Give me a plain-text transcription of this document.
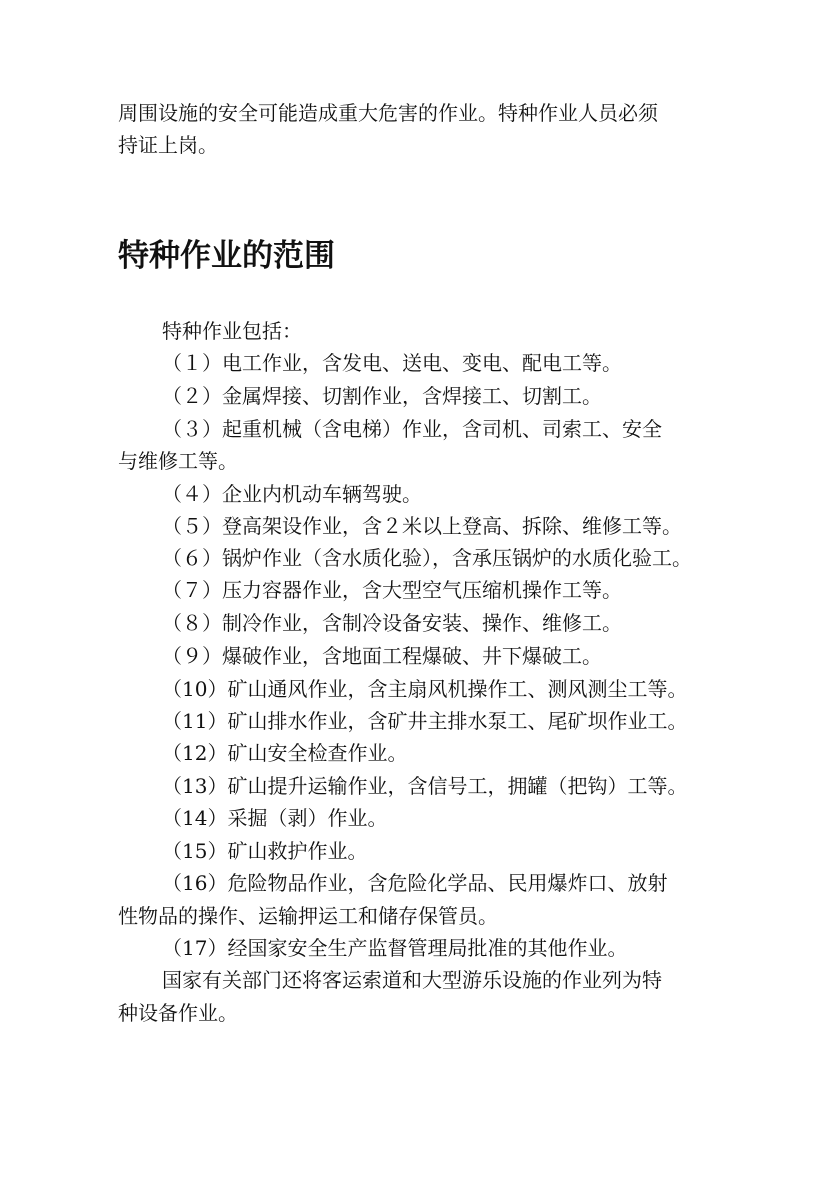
周围设施的安全可能造成重大危害的作业。特种作业人员必须
持证上岗。
特种作业的范围
特种作业包括：
（１）电工作业，含发电、送电、变电、配电工等。
（２）金属焊接、切割作业，含焊接工、切割工。
（３）起重机械（含电梯）作业，含司机、司索工、安全
与维修工等。
（４）企业内机动车辆驾驶。
（５）登高架设作业，含２米以上登高、拆除、维修工等。
（６）锅炉作业（含水质化验），含承压锅炉的水质化验工。
（７）压力容器作业，含大型空气压缩机操作工等。
（８）制冷作业，含制冷设备安装、操作、维修工。
（９）爆破作业，含地面工程爆破、井下爆破工。
（10）矿山通风作业，含主扇风机操作工、测风测尘工等。
（11）矿山排水作业，含矿井主排水泵工、尾矿坝作业工。
（12）矿山安全检查作业。
（13）矿山提升运输作业，含信号工，拥罐（把钩）工等。
（14）采掘（剥）作业。
（15）矿山救护作业。
（16）危险物品作业，含危险化学品、民用爆炸口、放射
性物品的操作、运输押运工和储存保管员。
（17）经国家安全生产监督管理局批准的其他作业。
国家有关部门还将客运索道和大型游乐设施的作业列为特
种设备作业。
